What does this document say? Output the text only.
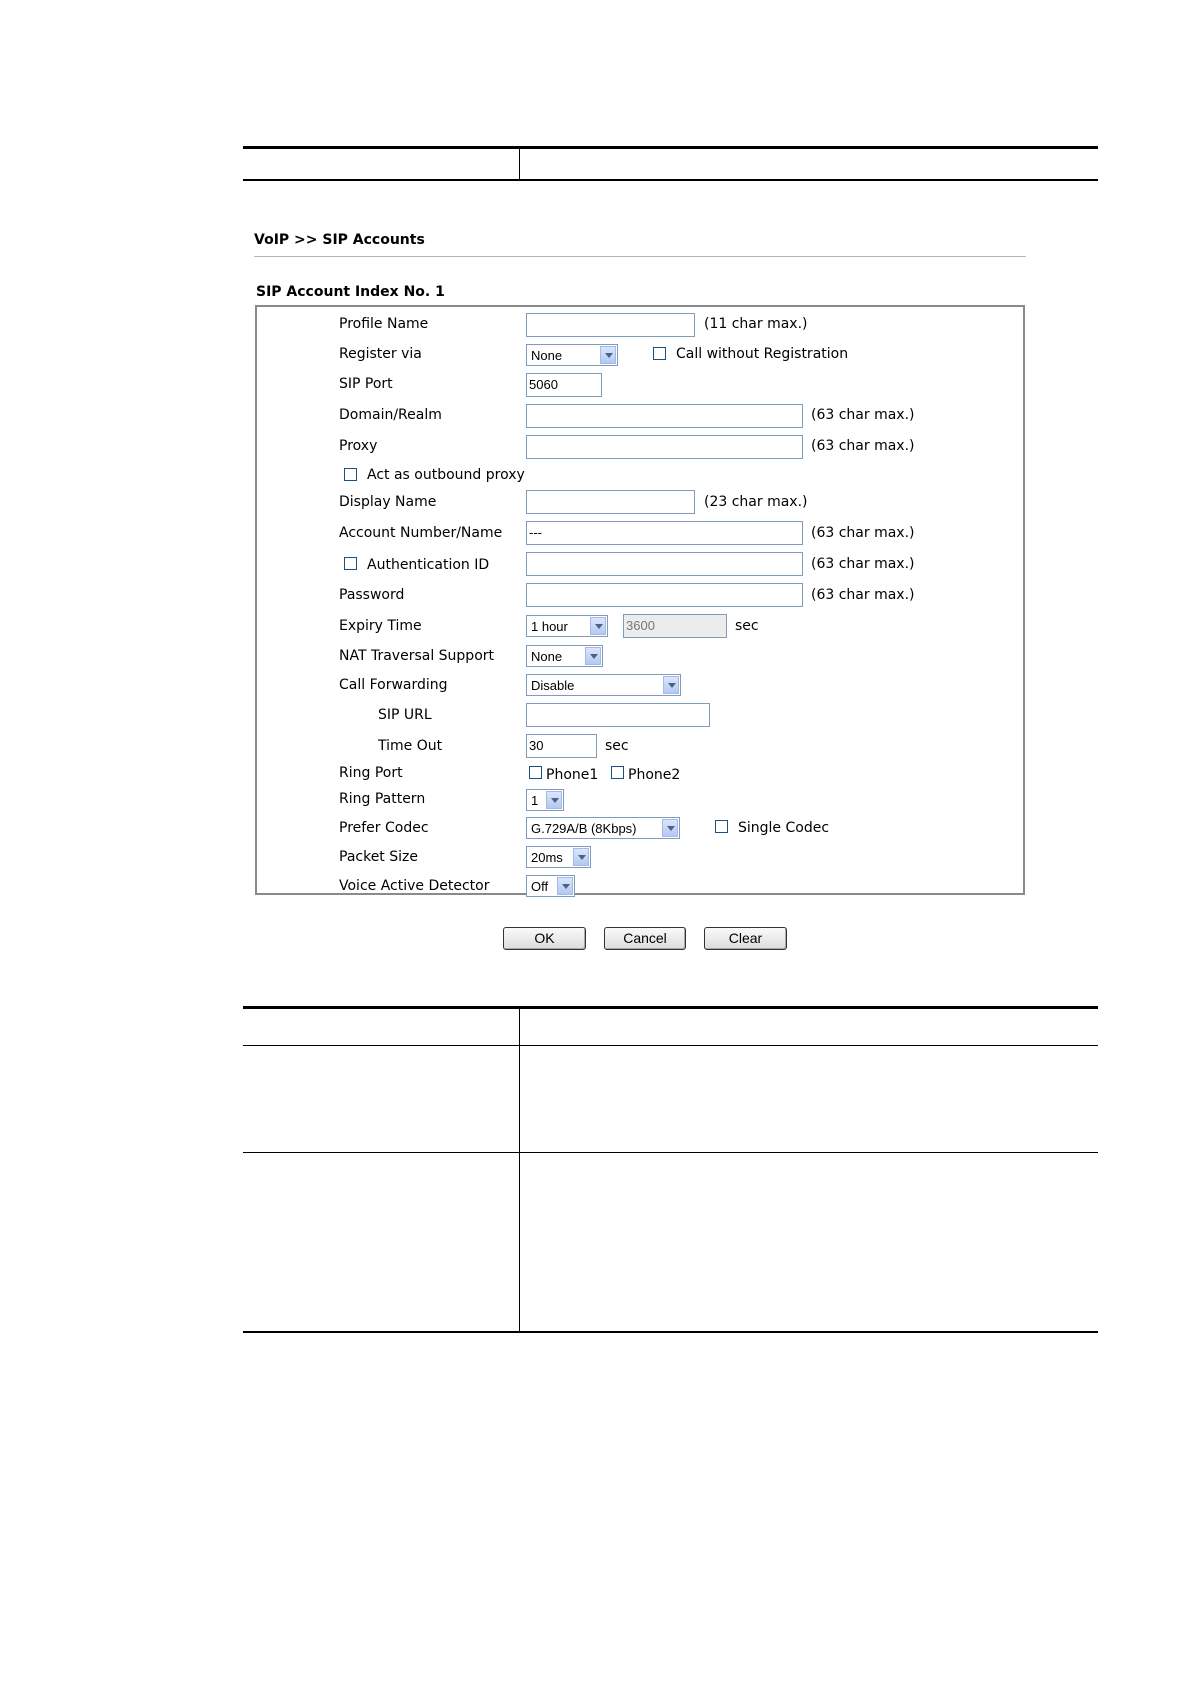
VoIP >> SIP Accounts
SIP Account Index No. 1
Profile Name	(11 char max.)
Register via	None	Call without Registration
SIP Port	5060
Domain/Realm	(63 char max.)
Proxy	(63 char max.)
Act as outbound proxy
Display Name	(23 char max.)
Account Number/Name ---	(63 char max.)
Authentication ID	(63 char max.)
Password	(63 char max.)
Expiry Time	1 hour	3600	sec
NAT Traversal Support	None
Call Forwarding	Disable
SIP URL
Time Out	30	sec
Ring Port	Phone1 Phone2
Ring Pattern	1
Prefer Codec	G.729A/B (8Kbps)	Single Codec
Packet Size	20ms
Voice Active Detector	Off
OK	Cancel	Clear
